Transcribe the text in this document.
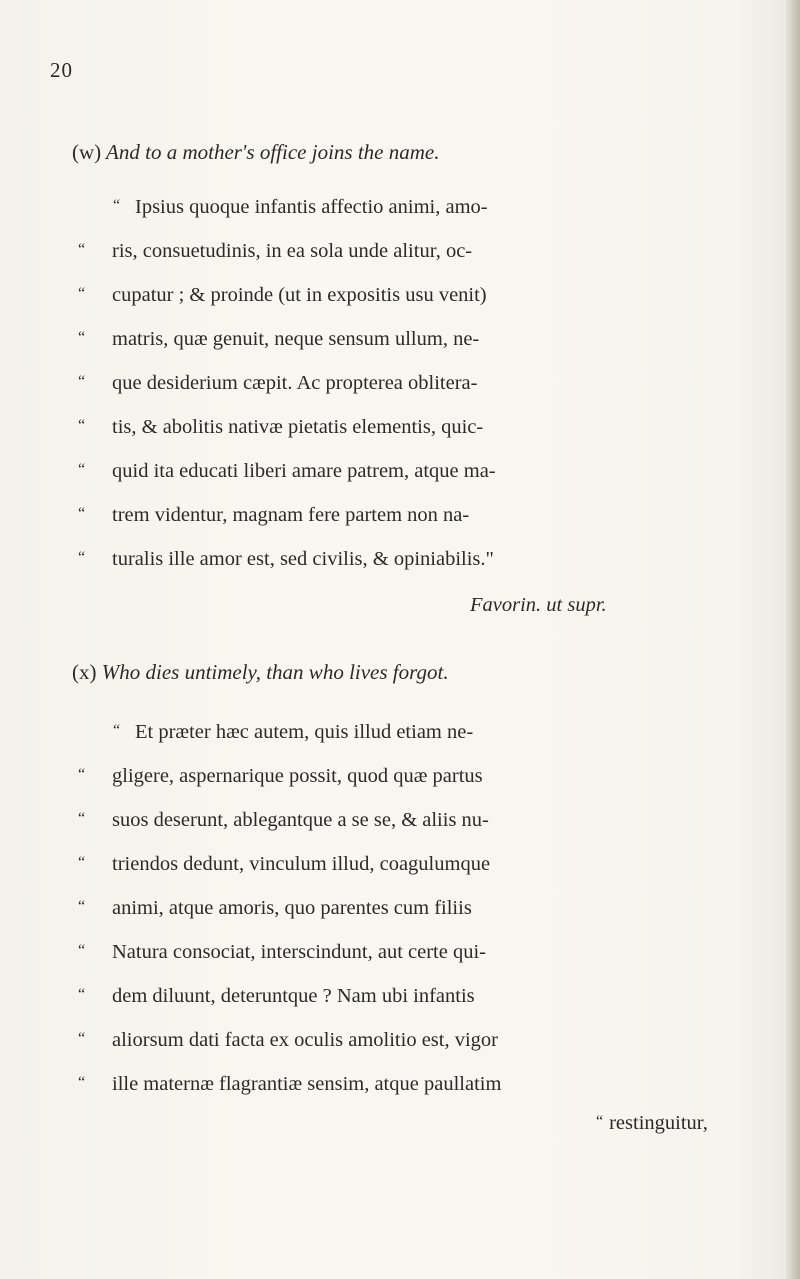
20
(w) And to a mother's office joins the name.
“ Ipsius quoque infantis affectio animi, amo-
“ ris, consuetudinis, in ea sola unde alitur, oc-
“ cupatur ; & proinde (ut in expositis usu venit)
“ matris, quæ genuit, neque sensum ullum, ne-
“ que desiderium cæpit. Ac propterea oblitera-
“ tis, & abolitis nativæ pietatis elementis, quic-
“ quid ita educati liberi amare patrem, atque ma-
“ trem videntur, magnam fere partem non na-
“ turalis ille amor est, sed civilis, & opiniabilis."
Favorin. ut supr.
(x) Who dies untimely, than who lives forgot.
“ Et præter hæc autem, quis illud etiam ne-
“ gligere, aspernarique possit, quod quæ partus
“ suos deserunt, ablegantque a se se, & aliis nu-
“ triendos dedunt, vinculum illud, coagulumque
“ animi, atque amoris, quo parentes cum filiis
“ Natura consociat, interscindunt, aut certe qui-
“ dem diluunt, deteruntque ? Nam ubi infantis
“ aliorsum dati facta ex oculis amolitio est, vigor
“ ille maternæ flagrantiæ sensim, atque paullatim
“ restinguitur,
